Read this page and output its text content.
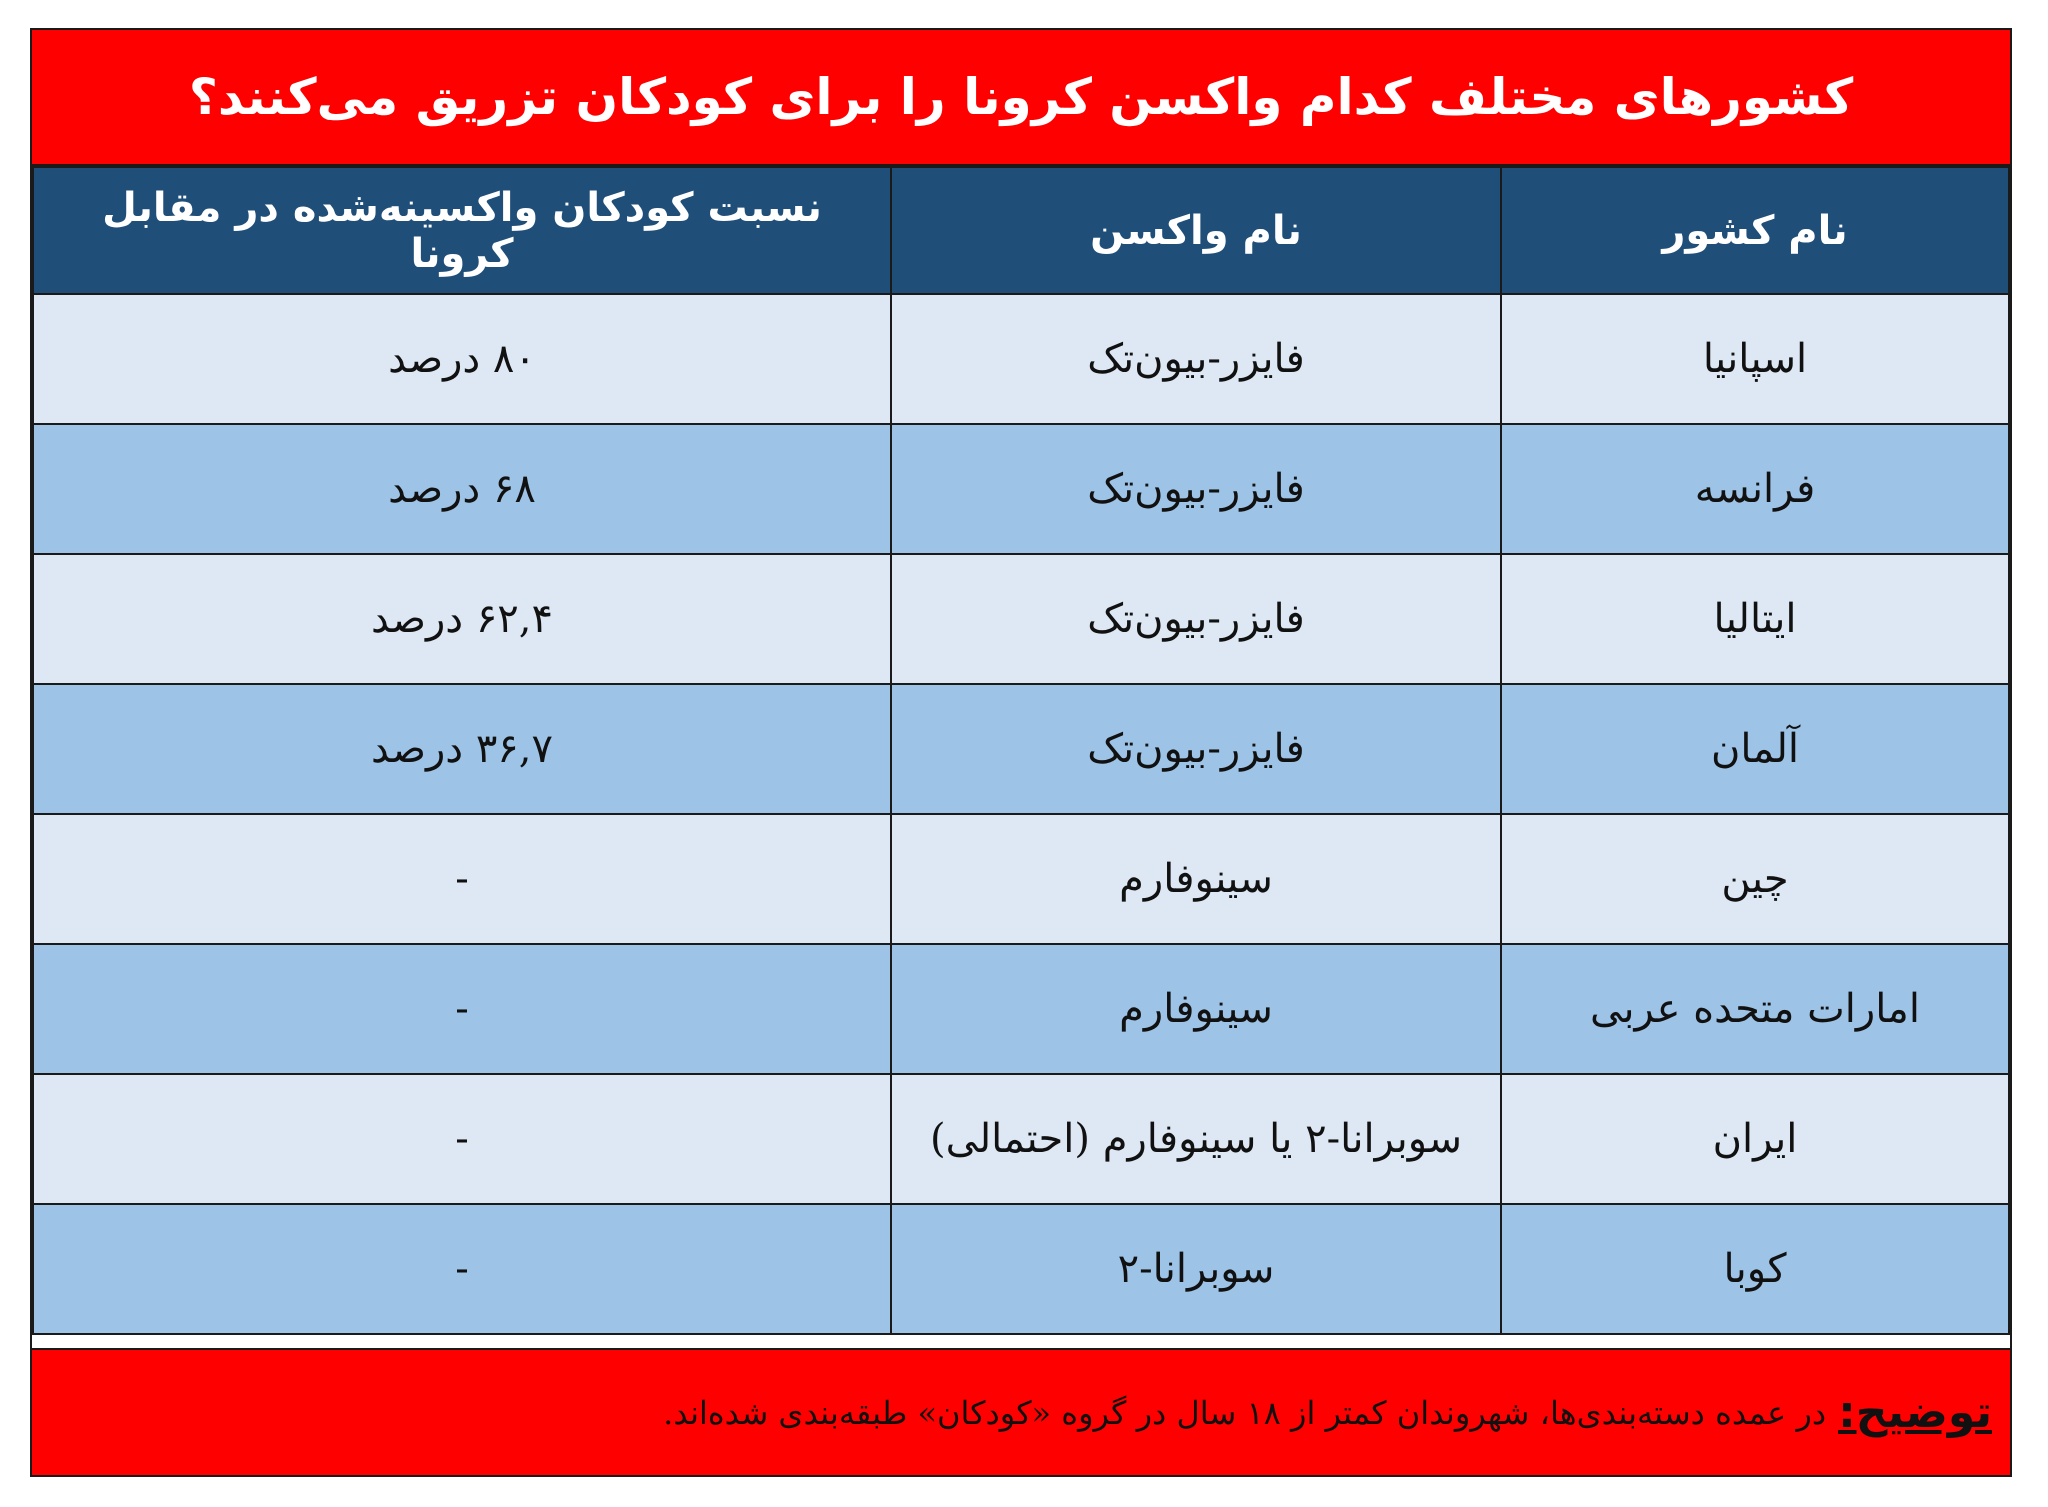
کشورهای مختلف کدام واکسن کرونا را برای کودکان تزریق می‌کنند؟
نام کشور	نام واکسن	نسبت کودکان واکسینه‌شده در مقابل کرونا
اسپانیا	فایزر-بیون‌تک	۸۰ درصد
فرانسه	فایزر-بیون‌تک	۶۸ درصد
ایتالیا	فایزر-بیون‌تک	۶۲,۴ درصد
آلمان	فایزر-بیون‌تک	۳۶,۷ درصد
چین	سینوفارم	-
امارات متحده عربی	سینوفارم	-
ایران	سوبرانا-۲ یا سینوفارم (احتمالی)	-
کوبا	سوبرانا-۲	-
توضیح:
در عمده دسته‌بندی‌ها، شهروندان کمتر از ۱۸ سال در گروه «کودکان» طبقه‌بندی شده‌اند.
